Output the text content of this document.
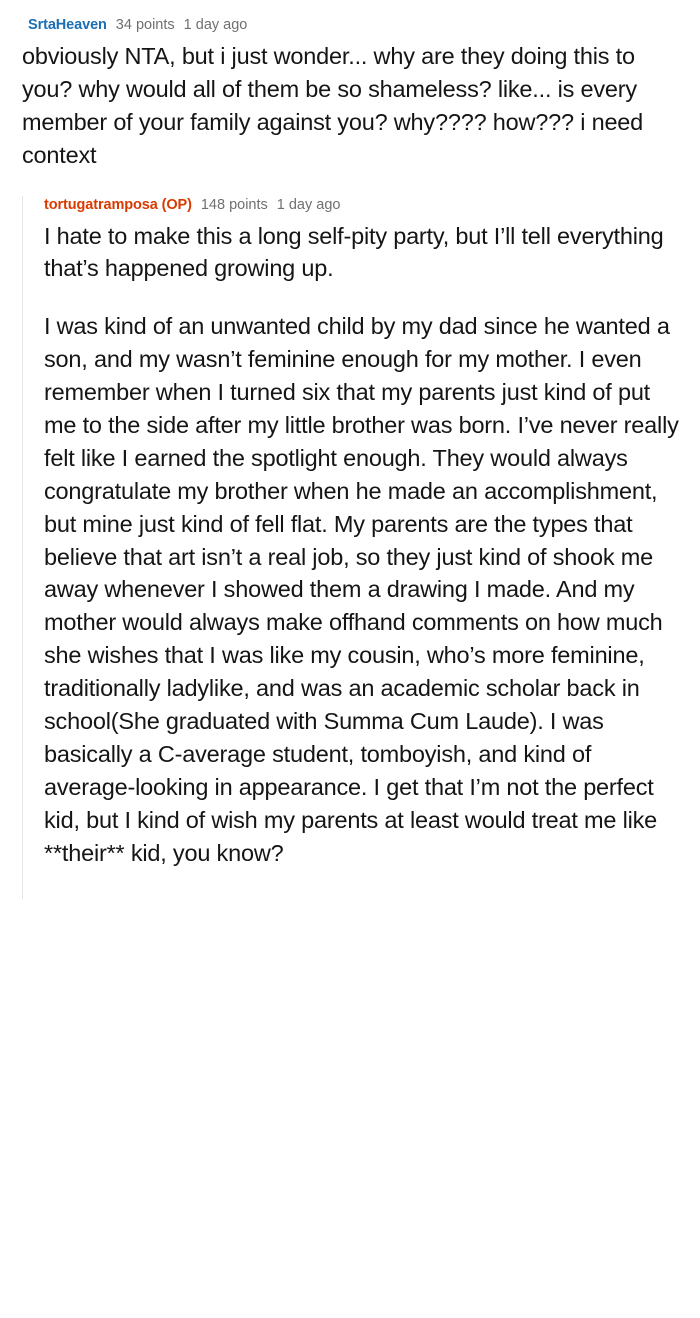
SrtaHeaven 34 points 1 day ago

obviously NTA, but i just wonder... why are they doing this to you? why would all of them be so shameless? like... is every member of your family against you? why???? how??? i need context

tortugatramposa (OP) 148 points 1 day ago

I hate to make this a long self-pity party, but I’ll tell everything that’s happened growing up.

I was kind of an unwanted child by my dad since he wanted a son, and my wasn’t feminine enough for my mother. I even remember when I turned six that my parents just kind of put me to the side after my little brother was born. I’ve never really felt like I earned the spotlight enough. They would always congratulate my brother when he made an accomplishment, but mine just kind of fell flat. My parents are the types that believe that art isn’t a real job, so they just kind of shook me away whenever I showed them a drawing I made. And my mother would always make offhand comments on how much she wishes that I was like my cousin, who’s more feminine, traditionally ladylike, and was an academic scholar back in school(She graduated with Summa Cum Laude). I was basically a C-average student, tomboyish, and kind of average-looking in appearance. I get that I’m not the perfect kid, but I kind of wish my parents at least would treat me like **their** kid, you know?
